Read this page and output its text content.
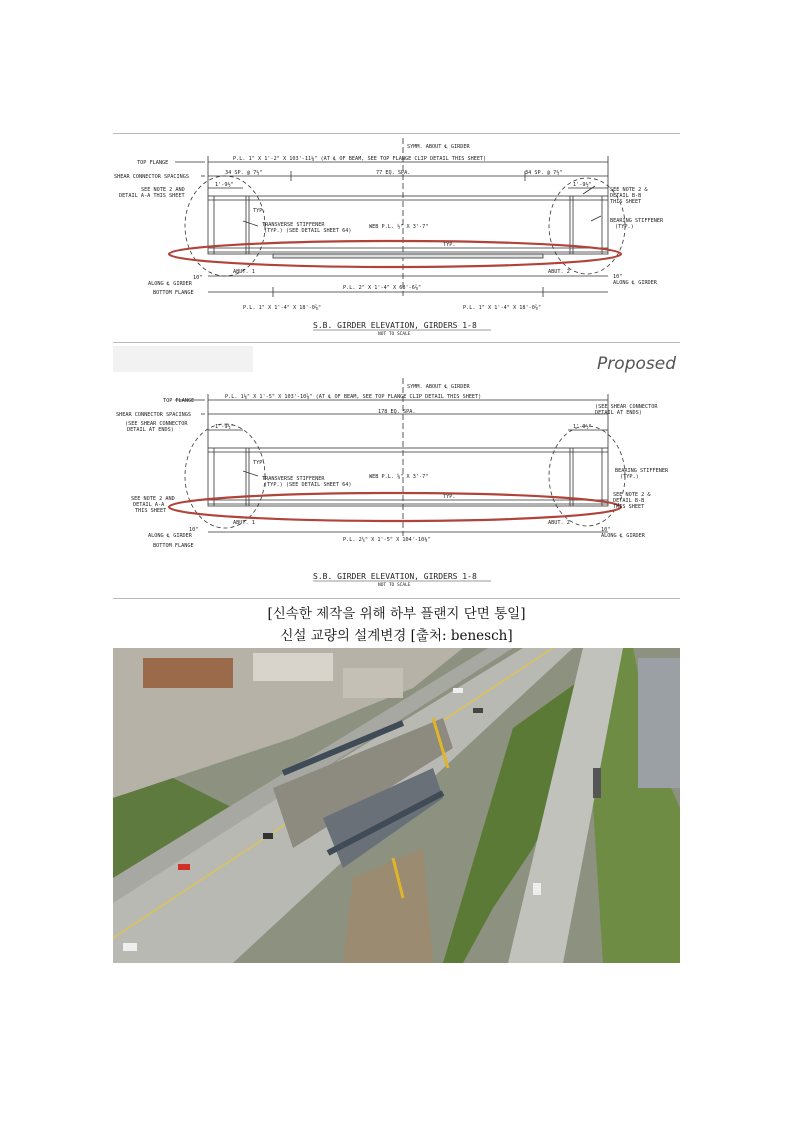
SYMM. ABOUT ℄ GIRDER
TOP FLANGE
SHEAR CONNECTOR SPACINGS
SEE NOTE 2 AND
DETAIL A-A THIS SHEET
P.L. 1" X 1'-2" X 103'-11⅛" (AT ℄ OF BEAM, SEE TOP FLANGE CLIP DETAIL THIS SHEET)
34 SP. @ 7½"	77 EQ. SPA.	34 SP. @ 7½"
1'-9½"	1'-9½"
SEE NOTE 2 &
DETAIL B-B
THIS SHEET
BEARING STIFFENER
(TYP.)
TYP.
TRANSVERSE STIFFENER
(TYP.) (SEE DETAIL SHEET 64)
WEB P.L. ½" X 3'-7"
TYP.
ABUT. 1	ABUT. 2
10"
ALONG ℄ GIRDER
BOTTOM FLANGE
10"
ALONG ℄ GIRDER
P.L. 2" X 1'-4" X 68'-6⅞"
P.L. 1" X 1'-4" X 18'-0⅞"	P.L. 1" X 1'-4" X 18'-0⅞"
S.B. GIRDER ELEVATION, GIRDERS 1-8
NOT TO SCALE
Proposed
SYMM. ABOUT ℄ GIRDER
TOP FLANGE
SHEAR CONNECTOR SPACINGS
(SEE SHEAR CONNECTOR
DETAIL AT ENDS)
P.L. 1⅛" X 1'-5" X 103'-10⅞" (AT ℄ OF BEAM, SEE TOP FLANGE CLIP DETAIL THIS SHEET)
178 EQ. SPA.
(SEE SHEAR CONNECTOR
DETAIL AT ENDS)
1'-9½"	1'-9½"
TYP.
TRANSVERSE STIFFENER
(TYP.) (SEE DETAIL SHEET 64)
WEB P.L. ⅝" X 3'-7"
TYP.
BEARING STIFFENER
(TYP.)
SEE NOTE 2 AND
DETAIL A-A
THIS SHEET
SEE NOTE 2 &
DETAIL B-B
THIS SHEET
ABUT. 1	ABUT. 2
10"
ALONG ℄ GIRDER
BOTTOM FLANGE
10"
ALONG ℄ GIRDER
P.L. 2¼" X 1'-5" X 104'-10⅛"
S.B. GIRDER ELEVATION, GIRDERS 1-8
NOT TO SCALE
[신속한 제작을 위해 하부 플랜지 단면 통일]
신설 교량의 설계변경 [출처: benesch]
